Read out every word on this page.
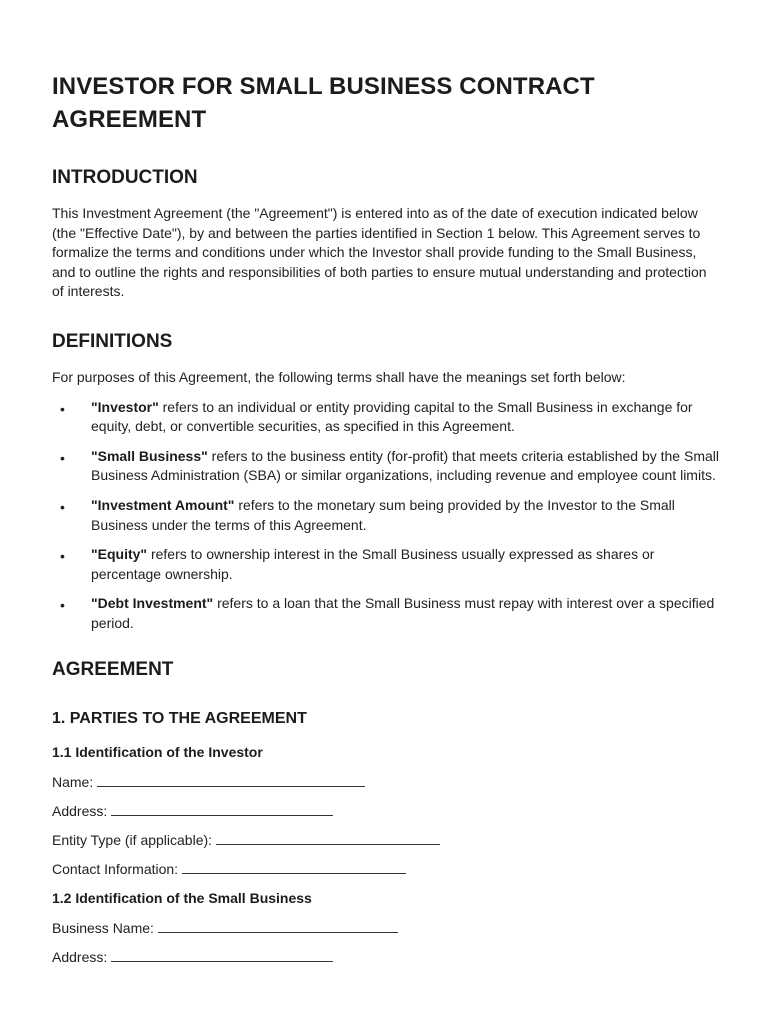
INVESTOR FOR SMALL BUSINESS CONTRACT AGREEMENT
INTRODUCTION

This Investment Agreement (the "Agreement") is entered into as of the date of execution indicated below (the "Effective Date"), by and between the parties identified in Section 1 below. This Agreement serves to formalize the terms and conditions under which the Investor shall provide funding to the Small Business, and to outline the rights and responsibilities of both parties to ensure mutual understanding and protection of interests.

DEFINITIONS

For purposes of this Agreement, the following terms shall have the meanings set forth below:

• "Investor" refers to an individual or entity providing capital to the Small Business in exchange for equity, debt, or convertible securities, as specified in this Agreement.
• "Small Business" refers to the business entity (for-profit) that meets criteria established by the Small Business Administration (SBA) or similar organizations, including revenue and employee count limits.
• "Investment Amount" refers to the monetary sum being provided by the Investor to the Small Business under the terms of this Agreement.
• "Equity" refers to ownership interest in the Small Business usually expressed as shares or percentage ownership.
• "Debt Investment" refers to a loan that the Small Business must repay with interest over a specified period.
AGREEMENT
1. PARTIES TO THE AGREEMENT
1.1 Identification of the Investor
Name:
Address:
Entity Type (if applicable):
Contact Information:
1.2 Identification of the Small Business
Business Name:
Address:
